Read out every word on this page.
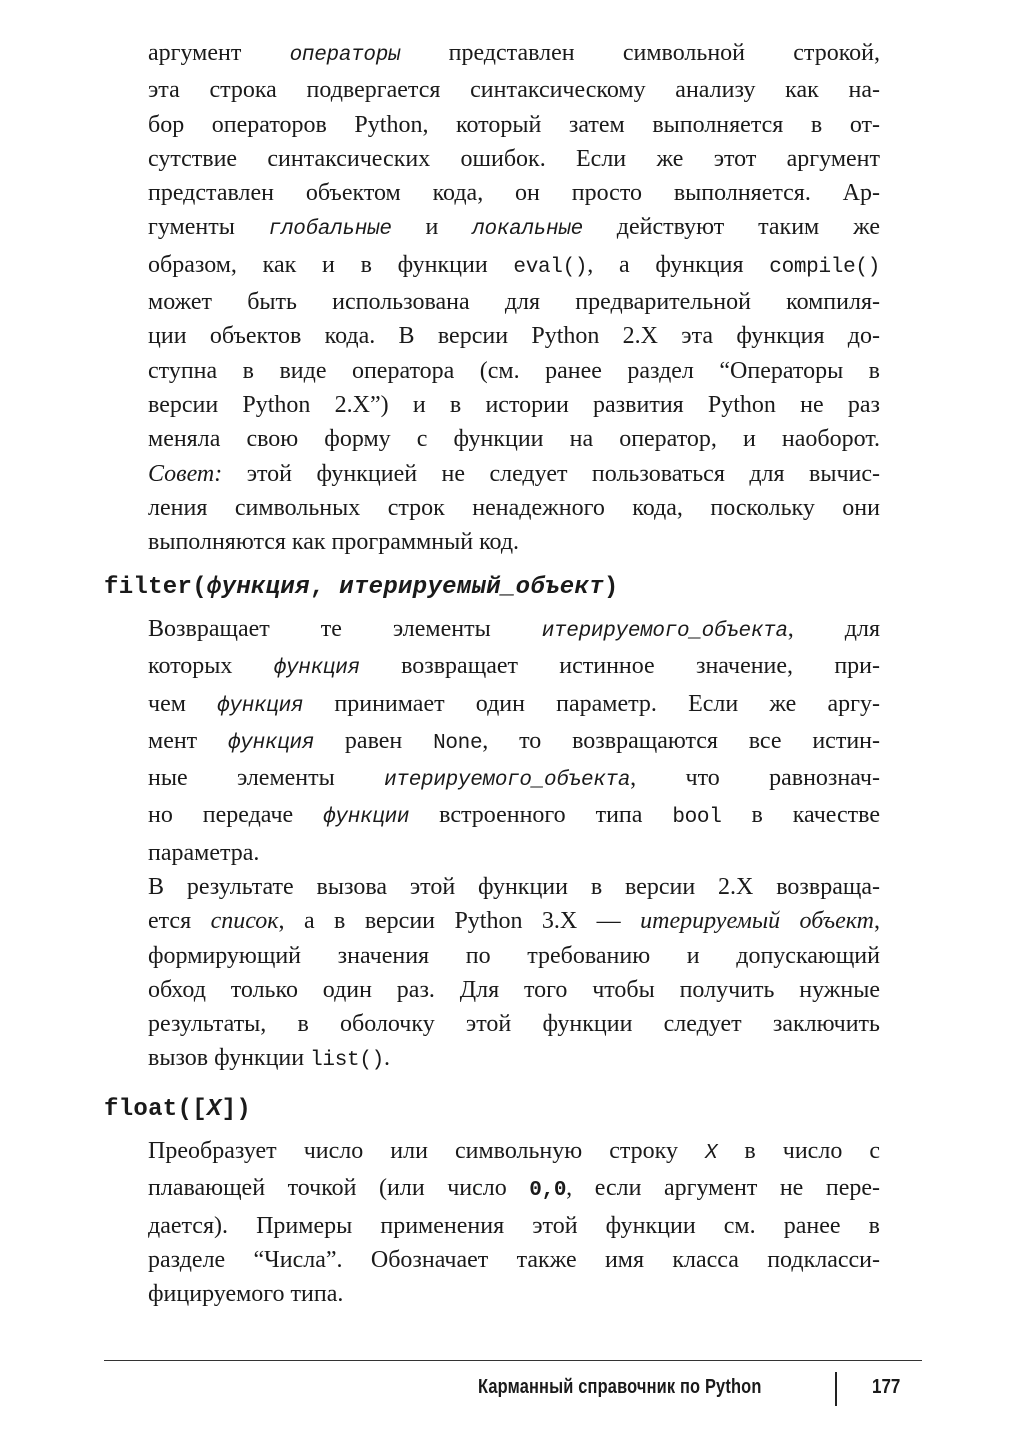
аргумент операторы представлен символьной строкой,
эта строка подвергается синтаксическому анализу как на-
бор операторов Python, который затем выполняется в от-
сутствие синтаксических ошибок. Если же этот аргумент
представлен объектом кода, он просто выполняется. Ар-
гументы глобальные и локальные действуют таким же
образом, как и в функции eval(), а функция compile()
может быть использована для предварительной компиля-
ции объектов кода. В версии Python 2.X эта функция до-
ступна в виде оператора (см. ранее раздел “Операторы в
версии Python 2.X”) и в истории развития Python не раз
меняла свою форму с функции на оператор, и наоборот.
Совет: этой функцией не следует пользоваться для вычис-
ления символьных строк ненадежного кода, поскольку они
выполняются как программный код.
filter(функция, итерируемый_объект)
Возвращает те элементы итерируемого_объекта, для
которых функция возвращает истинное значение, при-
чем функция принимает один параметр. Если же аргу-
мент функция равен None, то возвращаются все истин-
ные элементы итерируемого_объекта, что равнознач-
но передаче функции встроенного типа bool в качестве
параметра.
В результате вызова этой функции в версии 2.X возвраща-
ется список, а в версии Python 3.X — итерируемый объект,
формирующий значения по требованию и допускающий
обход только один раз. Для того чтобы получить нужные
результаты, в оболочку этой функции следует заключить
вызов функции list().
float([X])
Преобразует число или символьную строку X в число с
плавающей точкой (или число 0,0, если аргумент не пере-
дается). Примеры применения этой функции см. ранее в
разделе “Числа”. Обозначает также имя класса подкласси-
фицируемого типа.
Карманный справочник по Python	177
